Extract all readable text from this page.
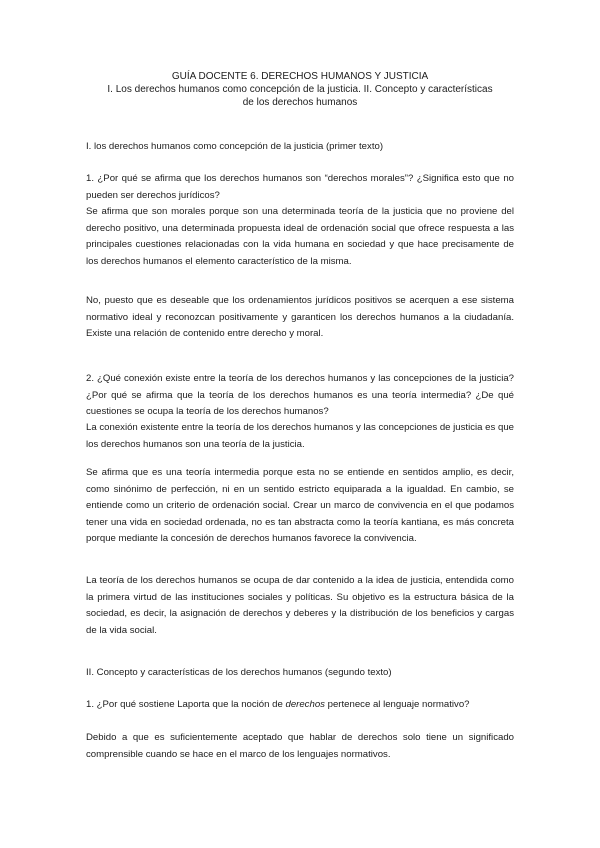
GUÍA DOCENTE 6. DERECHOS HUMANOS Y JUSTICIA
I. Los derechos humanos como concepción de la justicia. II. Concepto y características
de los derechos humanos
I. los derechos humanos como concepción de la justicia (primer texto)
1. ¿Por qué se afirma que los derechos humanos son “derechos morales”? ¿Significa esto que no pueden ser derechos jurídicos?
Se afirma que son morales porque son una determinada teoría de la justicia que no proviene del derecho positivo, una determinada propuesta ideal de ordenación social que ofrece respuesta a las principales cuestiones relacionadas con la vida humana en sociedad y que hace precisamente de los derechos humanos el elemento característico de la misma.
No, puesto que es deseable que los ordenamientos jurídicos positivos se acerquen a ese sistema normativo ideal y reconozcan positivamente y garanticen los derechos humanos a la ciudadanía. Existe una relación de contenido entre derecho y moral.
2. ¿Qué conexión existe entre la teoría de los derechos humanos y las concepciones de la justicia? ¿Por qué se afirma que la teoría de los derechos humanos es una teoría intermedia? ¿De qué cuestiones se ocupa la teoría de los derechos humanos?
La conexión existente entre la teoría de los derechos humanos y las concepciones de justicia es que los derechos humanos son una teoría de la justicia.
Se afirma que es una teoría intermedia porque esta no se entiende en sentidos amplio, es decir, como sinónimo de perfección, ni en un sentido estricto equiparada a la igualdad. En cambio, se entiende como un criterio de ordenación social. Crear un marco de convivencia en el que podamos tener una vida en sociedad ordenada, no es tan abstracta como la teoría kantiana, es más concreta porque mediante la concesión de derechos humanos favorece la convivencia.
La teoría de los derechos humanos se ocupa de dar contenido a la idea de justicia, entendida como la primera virtud de las instituciones sociales y políticas. Su objetivo es la estructura básica de la sociedad, es decir, la asignación de derechos y deberes y la distribución de los beneficios y cargas de la vida social.
II. Concepto y características de los derechos humanos (segundo texto)
1. ¿Por qué sostiene Laporta que la noción de derechos pertenece al lenguaje normativo?
Debido a que es suficientemente aceptado que hablar de derechos solo tiene un significado comprensible cuando se hace en el marco de los lenguajes normativos.
